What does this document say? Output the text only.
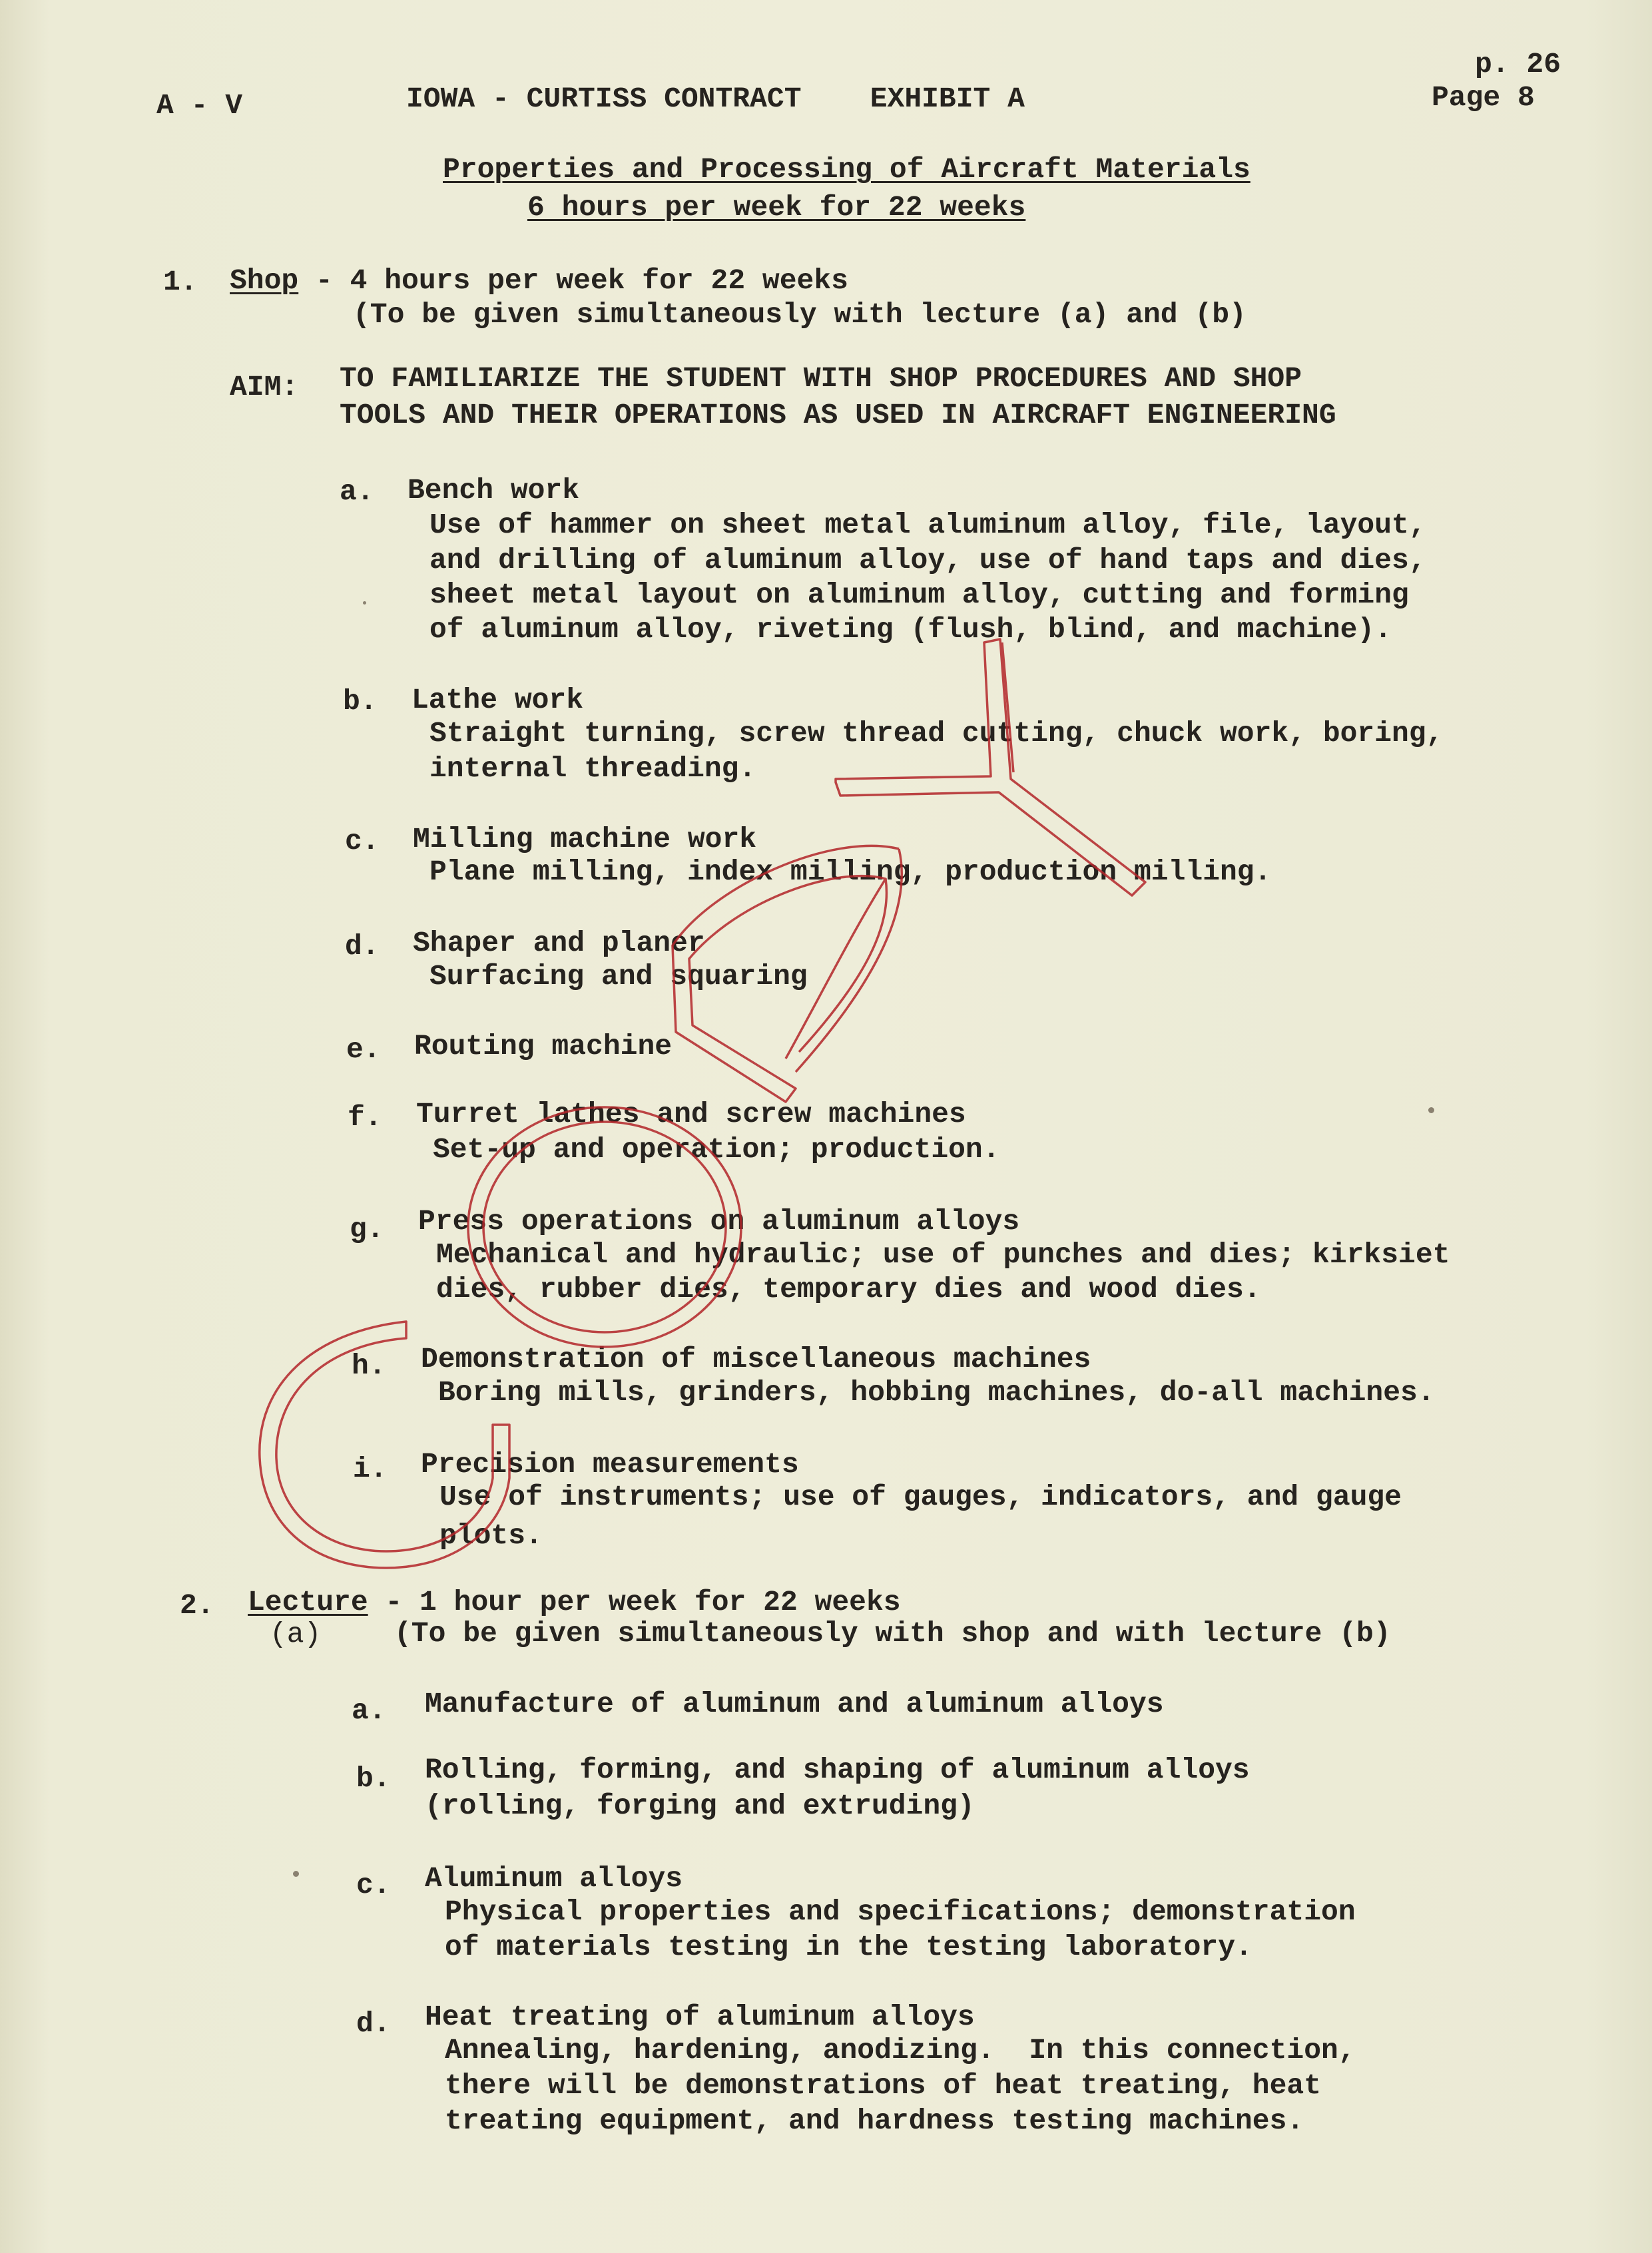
A - V	IOWA - CURTISS CONTRACT    EXHIBIT A
p. 26
Page 8
Properties and Processing of Aircraft Materials
6 hours per week for 22 weeks
1. Shop - 4 hours per week for 22 weeks
(To be given simultaneously with lecture (a) and (b)
AIM: TO FAMILIARIZE THE STUDENT WITH SHOP PROCEDURES AND SHOP
TOOLS AND THEIR OPERATIONS AS USED IN AIRCRAFT ENGINEERING
a. Bench work
Use of hammer on sheet metal aluminum alloy, file, layout,
and drilling of aluminum alloy, use of hand taps and dies,
sheet metal layout on aluminum alloy, cutting and forming
of aluminum alloy, riveting (flush, blind, and machine).
b. Lathe work
Straight turning, screw thread cutting, chuck work, boring,
internal threading.
c. Milling machine work
Plane milling, index milling, production milling.
d. Shaper and planer
Surfacing and squaring
e. Routing machine
f. Turret lathes and screw machines
Set-up and operation; production.
g. Press operations on aluminum alloys
Mechanical and hydraulic; use of punches and dies; kirksiet
dies, rubber dies, temporary dies and wood dies.
h. Demonstration of miscellaneous machines
Boring mills, grinders, hobbing machines, do-all machines.
i. Precision measurements
Use of instruments; use of gauges, indicators, and gauge
plots.
2. Lecture - 1 hour per week for 22 weeks
(a)	(To be given simultaneously with shop and with lecture (b)
a. Manufacture of aluminum and aluminum alloys
b. Rolling, forming, and shaping of aluminum alloys
(rolling, forging and extruding)
c. Aluminum alloys
Physical properties and specifications; demonstration
of materials testing in the testing laboratory.
d. Heat treating of aluminum alloys
Annealing, hardening, anodizing.  In this connection,
there will be demonstrations of heat treating, heat
treating equipment, and hardness testing machines.
